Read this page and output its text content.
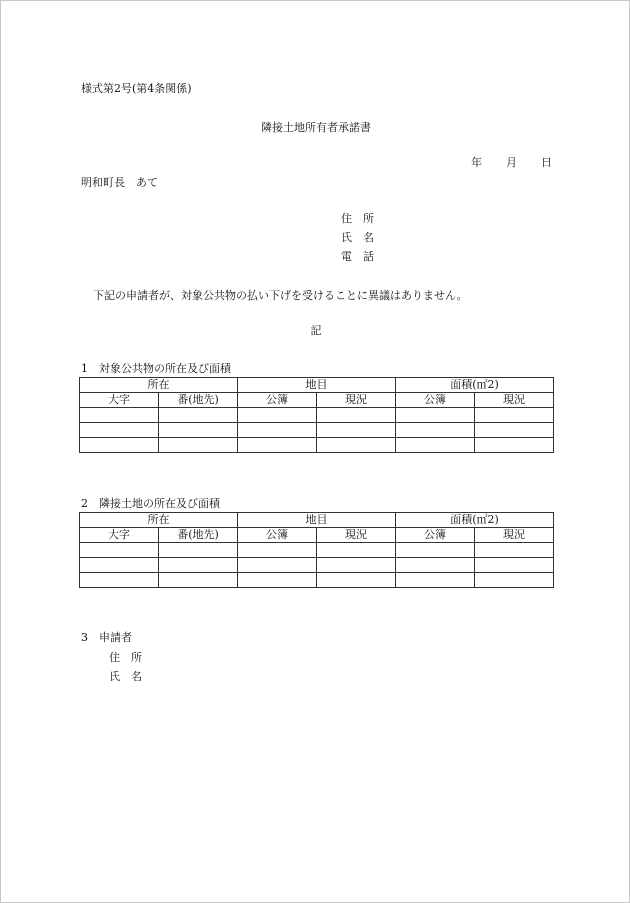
様式第2号(第4条関係)
隣接土地所有者承諾書
年 月 日
明和町長　あて
住　所
氏　名
電　話
下記の申請者が、対象公共物の払い下げを受けることに異議はありません。
記
1　対象公共物の所在及び面積
所在		地目		面積(㎡2)	
大字	番(地先)	公簿	現況	公簿	現況

2　隣接土地の所在及び面積
所在		地目		面積(㎡2)	
大字	番(地先)	公簿	現況	公簿	現況

3　申請者
住　所
氏　名
